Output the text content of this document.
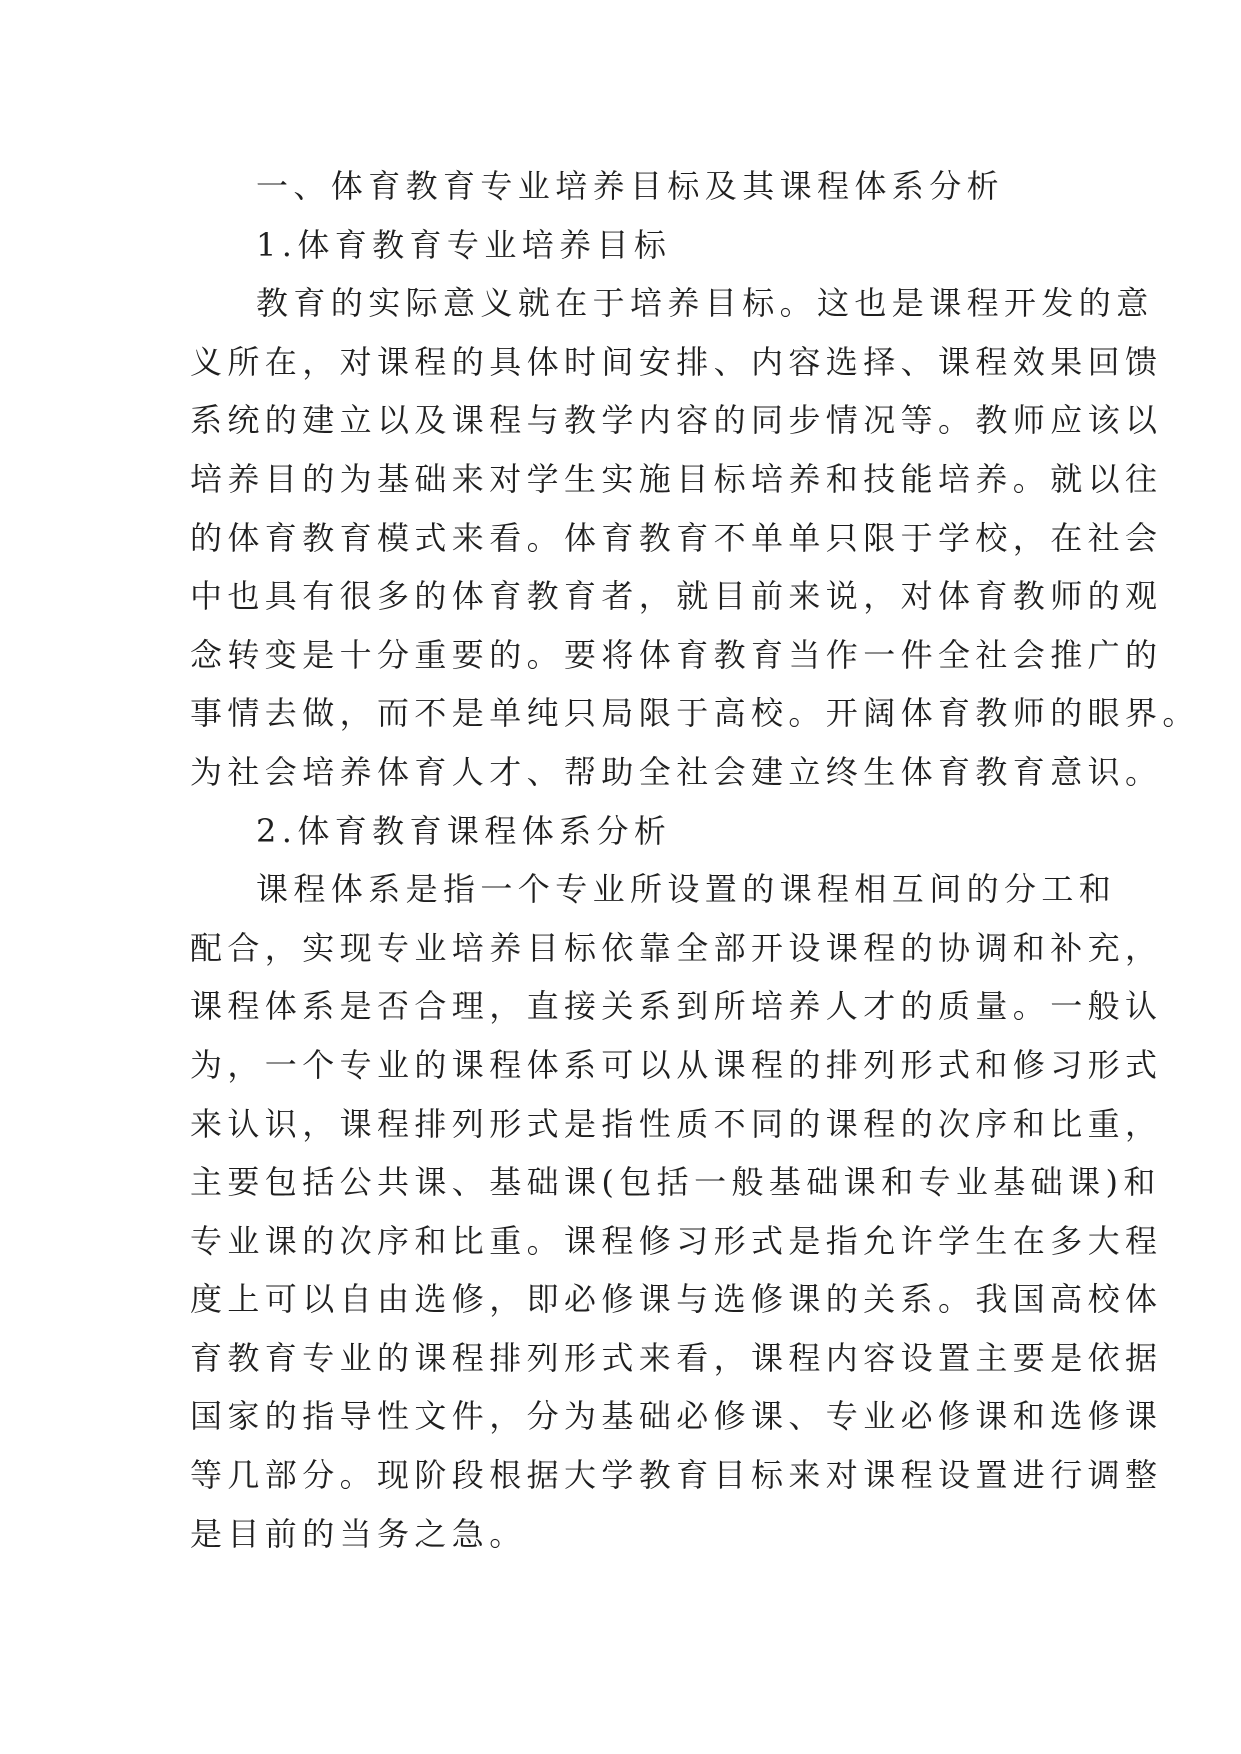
一、体育教育专业培养目标及其课程体系分析
1.体育教育专业培养目标
教育的实际意义就在于培养目标。这也是课程开发的意
义所在，对课程的具体时间安排、内容选择、课程效果回馈
系统的建立以及课程与教学内容的同步情况等。教师应该以
培养目的为基础来对学生实施目标培养和技能培养。就以往
的体育教育模式来看。体育教育不单单只限于学校，在社会
中也具有很多的体育教育者，就目前来说，对体育教师的观
念转变是十分重要的。要将体育教育当作一件全社会推广的
事情去做，而不是单纯只局限于高校。开阔体育教师的眼界。
为社会培养体育人才、帮助全社会建立终生体育教育意识。
2.体育教育课程体系分析
课程体系是指一个专业所设置的课程相互间的分工和
配合，实现专业培养目标依靠全部开设课程的协调和补充，
课程体系是否合理，直接关系到所培养人才的质量。一般认
为，一个专业的课程体系可以从课程的排列形式和修习形式
来认识，课程排列形式是指性质不同的课程的次序和比重，
主要包括公共课、基础课(包括一般基础课和专业基础课)和
专业课的次序和比重。课程修习形式是指允许学生在多大程
度上可以自由选修，即必修课与选修课的关系。我国高校体
育教育专业的课程排列形式来看，课程内容设置主要是依据
国家的指导性文件，分为基础必修课、专业必修课和选修课
等几部分。现阶段根据大学教育目标来对课程设置进行调整
是目前的当务之急。
